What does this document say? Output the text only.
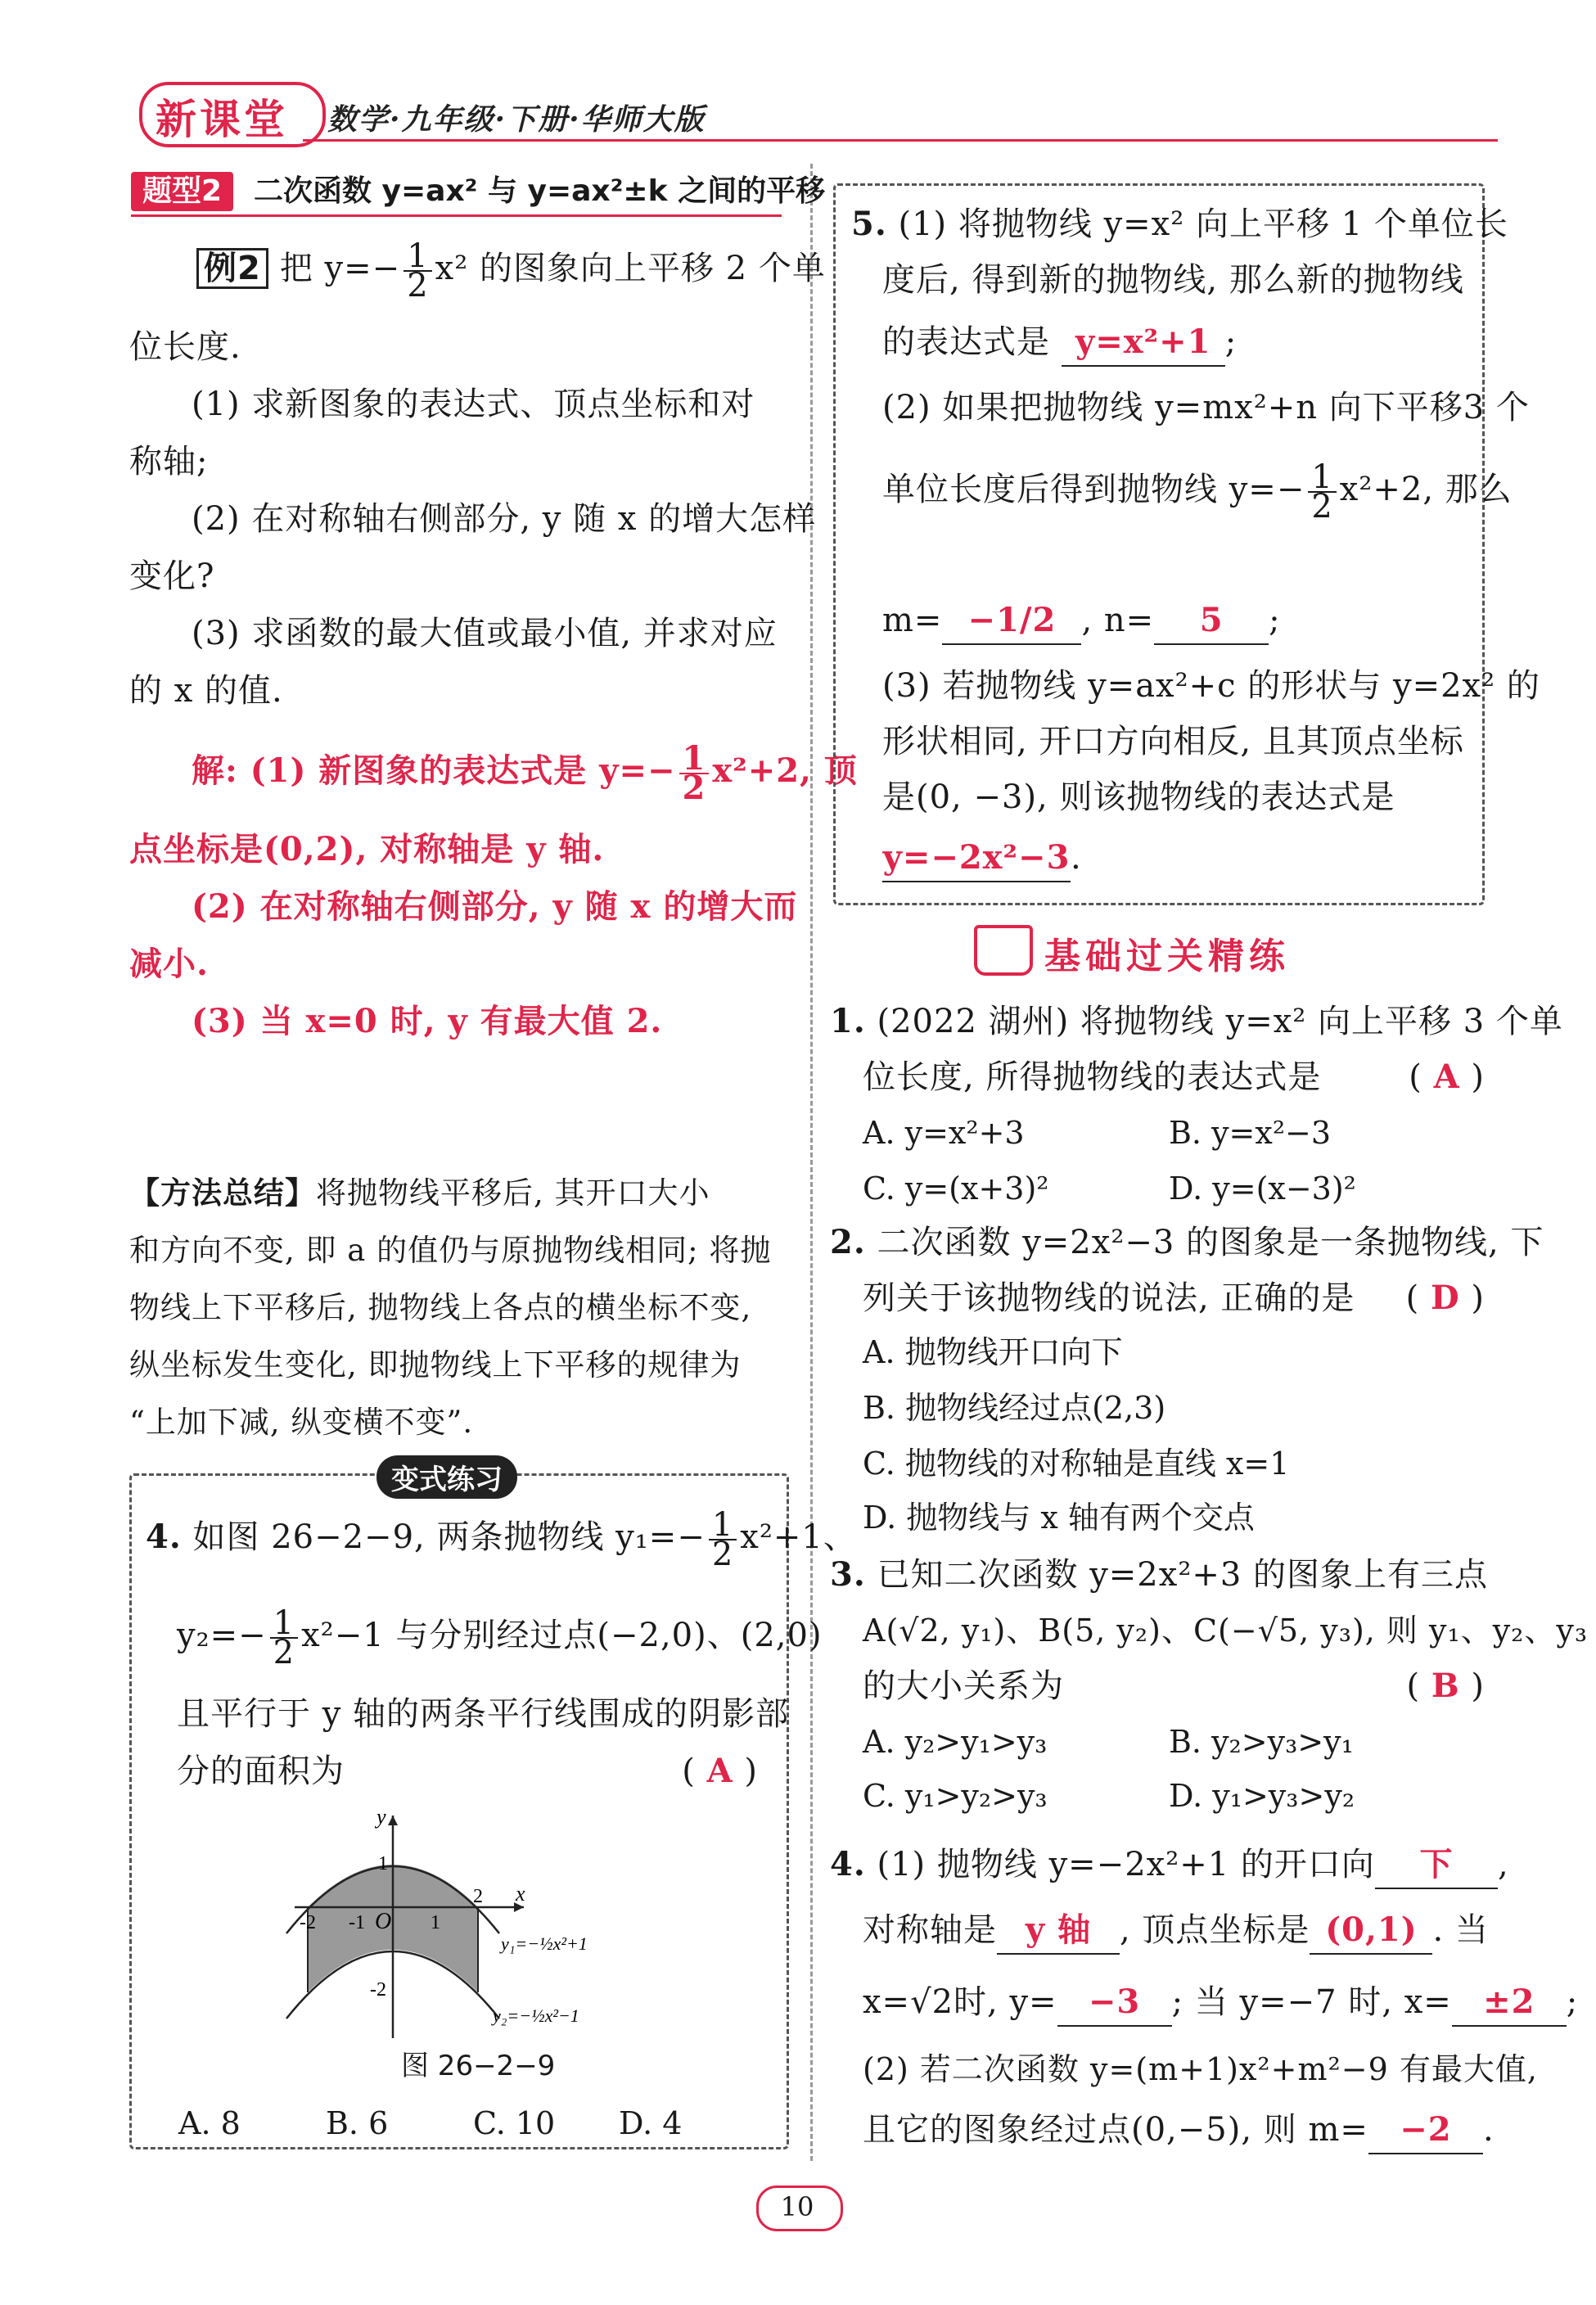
新课堂 数学·九年级·下册·华师大版
题型2	二次函数 y=ax² 与 y=ax²±k 之间的平移
例2 把 $y=- \frac{1}{2} x^2$ 的图象向上平移 2 个单
位长度.
(1) 求新图象的表达式、顶点坐标和对
称轴;
(2) 在对称轴右侧部分, y 随 x 的增大怎样
变化?
(3) 求函数的最大值或最小值, 并求对应
的 x 的值.
解: (1) 新图象的表达式是 $y=- \frac{1}{2} x^2+2$, 顶
点坐标是(0,2), 对称轴是 y 轴.
(2) 在对称轴右侧部分, y 随 x 的增大而
减小.
(3) 当 x=0 时, y 有最大值 2.
【方法总结】将抛物线平移后, 其开口大小
和方向不变, 即 a 的值仍与原抛物线相同; 将抛
物线上下平移后, 抛物线上各点的横坐标不变,
纵坐标发生变化, 即抛物线上下平移的规律为
“上加下减, 纵变横不变”.
变式练习
4. 如图 26−2−9, 两条抛物线 $y_1=- \frac{1}{2} x^2+1$、
$y_2=- \frac{1}{2} x^2-1$ 与分别经过点(−2,0)、(2,0)
且平行于 y 轴的两条平行线围成的阴影部
分的面积为	( A )
y
x
O
1
-1
-2	1
2
-2
y₁=−½x²+1
y₂=−½x²−1
图 26−2−9
A. 8	B. 6	C. 10 D. 4
5. (1) 将抛物线 y=x² 向上平移 1 个单位长
度后, 得到新的抛物线, 那么新的抛物线
的表达式是 y=x²+1 ;
(2) 如果把抛物线 y=mx²+n 向下平移3 个
单位长度后得到抛物线 $y=- \frac{1}{2} x^2+2$, 那么
m= −1/2 , n= 5 ;
(3) 若抛物线 y=ax²+c 的形状与 y=2x² 的
形状相同, 开口方向相反, 且其顶点坐标
是(0, −3), 则该抛物线的表达式是
y=−2x²−3.
基础过关精练
1. (2022 湖州) 将抛物线 y=x² 向上平移 3 个单
位长度, 所得抛物线的表达式是	( A )
A. y=x²+3	B. y=x²−3
C. y=(x+3)²	D. y=(x−3)²
2. 二次函数 y=2x²−3 的图象是一条抛物线, 下
列关于该抛物线的说法, 正确的是 ( D )
A. 抛物线开口向下
B. 抛物线经过点(2,3)
C. 抛物线的对称轴是直线 x=1
D. 抛物线与 x 轴有两个交点
3. 已知二次函数 y=2x²+3 的图象上有三点
A(√2, y₁)、B(5, y₂)、C(−√5, y₃), 则 y₁、y₂、y₃
的大小关系为	( B )
A. y₂>y₁>y₃	B. y₂>y₃>y₁
C. y₁>y₂>y₃	D. y₁>y₃>y₂
4. (1) 抛物线 y=−2x²+1 的开口向 下 ,
对称轴是 y 轴 , 顶点坐标是 (0,1) . 当
x=√2时, y= −3 ; 当 y=−7 时, x= ±2 ;
(2) 若二次函数 y=(m+1)x²+m²−9 有最大值,
且它的图象经过点(0,−5), 则 m= −2 .
10
